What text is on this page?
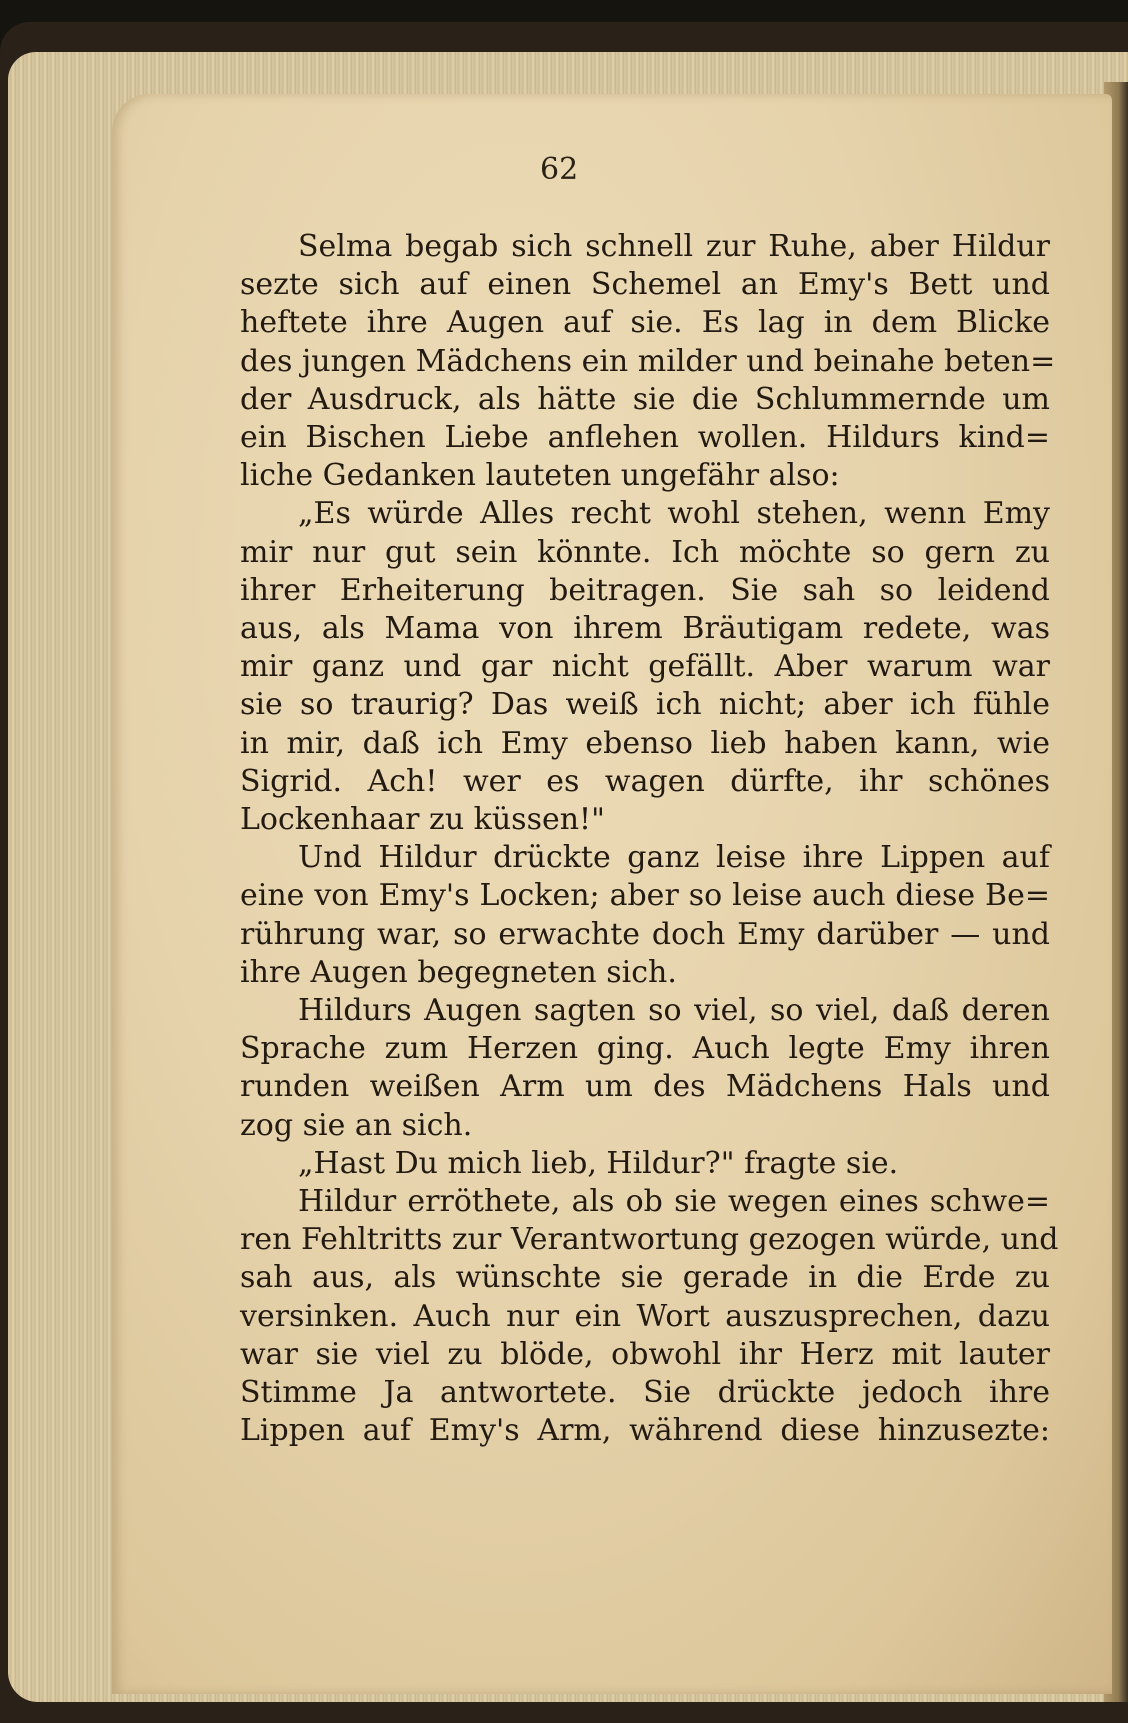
62
Selma begab sich schnell zur Ruhe, aber Hildur
sezte sich auf einen Schemel an Emy's Bett und
heftete ihre Augen auf sie. Es lag in dem Blicke
des jungen Mädchens ein milder und beinahe beten=
der Ausdruck, als hätte sie die Schlummernde um
ein Bischen Liebe anflehen wollen. Hildurs kind=
liche Gedanken lauteten ungefähr also:
„Es würde Alles recht wohl stehen, wenn Emy
mir nur gut sein könnte. Ich möchte so gern zu
ihrer Erheiterung beitragen. Sie sah so leidend
aus, als Mama von ihrem Bräutigam redete, was
mir ganz und gar nicht gefällt. Aber warum war
sie so traurig? Das weiß ich nicht; aber ich fühle
in mir, daß ich Emy ebenso lieb haben kann, wie
Sigrid. Ach! wer es wagen dürfte, ihr schönes
Lockenhaar zu küssen!"
Und Hildur drückte ganz leise ihre Lippen auf
eine von Emy's Locken; aber so leise auch diese Be=
rührung war, so erwachte doch Emy darüber — und
ihre Augen begegneten sich.
Hildurs Augen sagten so viel, so viel, daß deren
Sprache zum Herzen ging. Auch legte Emy ihren
runden weißen Arm um des Mädchens Hals und
zog sie an sich.
„Hast Du mich lieb, Hildur?" fragte sie.
Hildur erröthete, als ob sie wegen eines schwe=
ren Fehltritts zur Verantwortung gezogen würde, und
sah aus, als wünschte sie gerade in die Erde zu
versinken. Auch nur ein Wort auszusprechen, dazu
war sie viel zu blöde, obwohl ihr Herz mit lauter
Stimme Ja antwortete. Sie drückte jedoch ihre
Lippen auf Emy's Arm, während diese hinzusezte:
